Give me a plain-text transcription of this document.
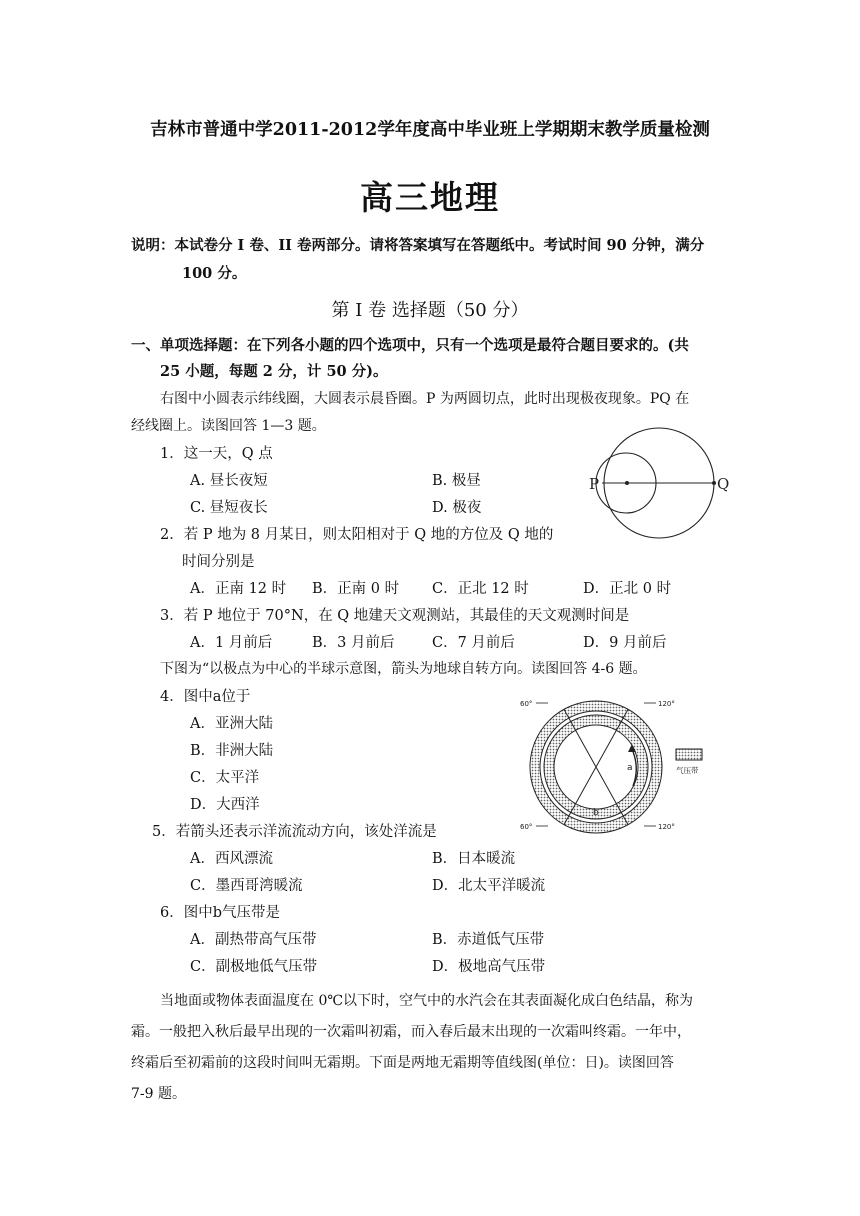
吉林市普通中学2011-2012学年度高中毕业班上学期期末教学质量检测
高三地理
说明：本试卷分 I 卷、II 卷两部分。请将答案填写在答题纸中。考试时间 90 分钟，满分
100 分。
第 I 卷 选择题（50 分）
一、单项选择题：在下列各小题的四个选项中，只有一个选项是最符合题目要求的。(共
25 小题，每题 2 分，计 50 分)。
右图中小圆表示纬线圈，大圆表示晨昏圈。P 为两圆切点，此时出现极夜现象。PQ 在
经线圈上。读图回答 1—3 题。
1．这一天，Q 点
A. 昼长夜短	B. 极昼
C. 昼短夜长	D. 极夜
2．若 P 地为 8 月某日，则太阳相对于 Q 地的方位及 Q 地的
时间分别是
A．正南 12 时 B．正南 0 时 C．正北 12 时	D．正北 0 时
3．若 P 地位于 70°N，在 Q 地建天文观测站，其最佳的天文观测时间是
A．1 月前后	B．3 月前后	C．7 月前后	D．9 月前后
P	Q
下图为“以极点为中心的半球示意图，箭头为地球自转方向。读图回答 4-6 题。
4．图中a位于
A．亚洲大陆
B．非洲大陆
C．太平洋
D．大西洋
5．若箭头还表示洋流流动方向，该处洋流是
A．西风漂流	B．日本暖流
C．墨西哥湾暖流	D．北太平洋暖流
6．图中b气压带是
A．副热带高气压带	B．赤道低气压带
C．副极地低气压带	D．极地高气压带
60°	120°
60°	120°
a
b
气压带
当地面或物体表面温度在 0℃以下时，空气中的水汽会在其表面凝化成白色结晶，称为
霜。一般把入秋后最早出现的一次霜叫初霜，而入春后最末出现的一次霜叫终霜。一年中，
终霜后至初霜前的这段时间叫无霜期。下面是两地无霜期等值线图(单位：日)。读图回答
7-9 题。
